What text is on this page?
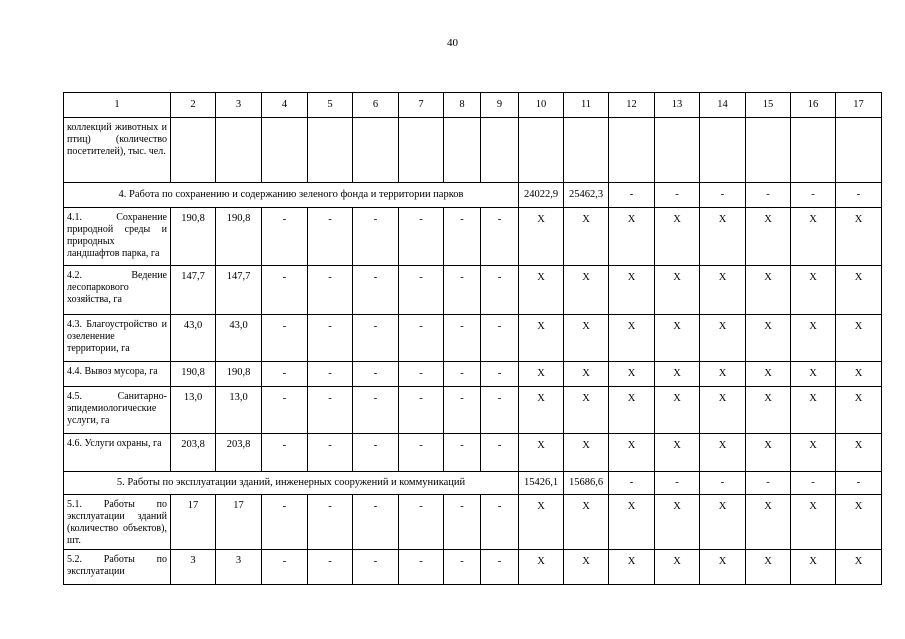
40
1	2	3	4	5	6	7	8	9	10	11	12	13	14	15	16	17
коллекций животных и птиц) (количество посетителей), тыс. чел.																
4. Работа по сохранению и содержанию зеленого фонда и территории парков									24022,9	25462,3	-	-	-	-	-	-
4.1. Сохранение природной среды и природных ландшафтов парка, га	190,8	190,8	-	-	-	-	-	-	X	X	X	X	X	X	X	X
4.2. Ведение лесопаркового хозяйства, га	147,7	147,7	-	-	-	-	-	-	X	X	X	X	X	X	X	X
4.3. Благоустройство и озеленение территории, га	43,0	43,0	-	-	-	-	-	-	X	X	X	X	X	X	X	X
4.4. Вывоз мусора, га	190,8	190,8	-	-	-	-	-	-	X	X	X	X	X	X	X	X
4.5. Санитарно-эпидемиологические услуги, га	13,0	13,0	-	-	-	-	-	-	X	X	X	X	X	X	X	X
4.6. Услуги охраны, га	203,8	203,8	-	-	-	-	-	-	X	X	X	X	X	X	X	X
5. Работы по эксплуатации зданий, инженерных сооружений и коммуникаций									15426,1	15686,6	-	-	-	-	-	-
5.1. Работы по эксплуатации зданий (количество объектов), шт.	17	17	-	-	-	-	-	-	X	X	X	X	X	X	X	X
5.2. Работы по эксплуатации	3	3	-	-	-	-	-	-	X	X	X	X	X	X	X	X
